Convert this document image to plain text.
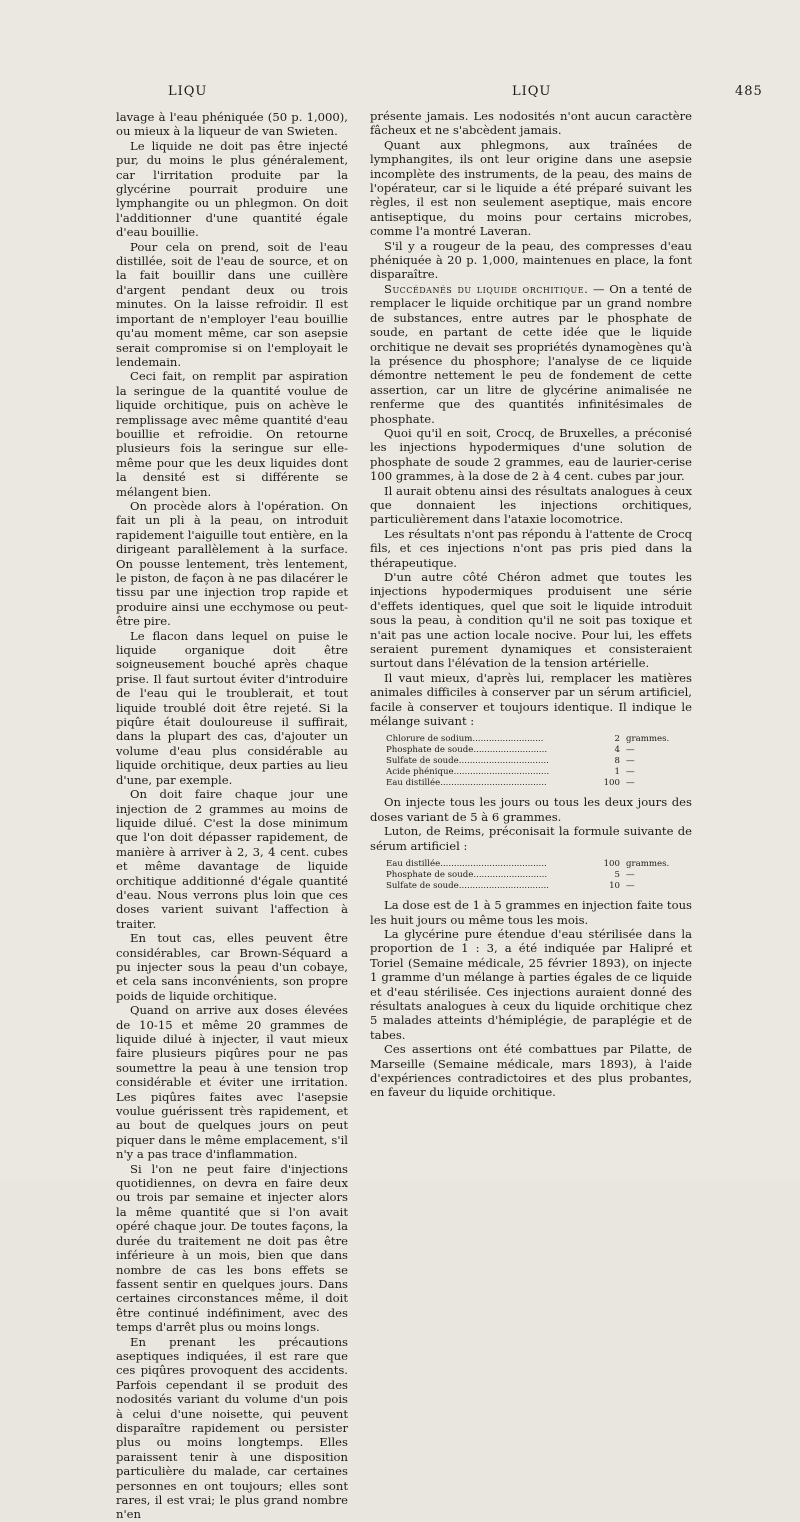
LIQU	LIQU	485

lavage à l'eau phéniquée (50 p. 1,000), ou mieux à la liqueur de van Swieten.

Le liquide ne doit pas être injecté pur, du moins le plus généralement, car l'irritation produite par la glycérine pourrait produire une lymphangite ou un phlegmon. On doit l'additionner d'une quantité égale d'eau bouillie.

Pour cela on prend, soit de l'eau distillée, soit de l'eau de source, et on la fait bouillir dans une cuillère d'argent pendant deux ou trois minutes. On la laisse refroidir. Il est important de n'employer l'eau bouillie qu'au moment même, car son asepsie serait compromise si on l'employait le lendemain.

Ceci fait, on remplit par aspiration la seringue de la quantité voulue de liquide orchitique, puis on achève le remplissage avec même quantité d'eau bouillie et refroidie. On retourne plusieurs fois la seringue sur elle-même pour que les deux liquides dont la densité est si différente se mélangent bien.

On procède alors à l'opération. On fait un pli à la peau, on introduit rapidement l'aiguille tout entière, en la dirigeant parallèlement à la surface. On pousse lentement, très lentement, le piston, de façon à ne pas dilacérer le tissu par une injection trop rapide et produire ainsi une ecchymose ou peut-être pire.

Le flacon dans lequel on puise le liquide organique doit être soigneusement bouché après chaque prise. Il faut surtout éviter d'introduire de l'eau qui le troublerait, et tout liquide troublé doit être rejeté. Si la piqûre était douloureuse il suffirait, dans la plupart des cas, d'ajouter un volume d'eau plus considérable au liquide orchitique, deux parties au lieu d'une, par exemple.

On doit faire chaque jour une injection de 2 grammes au moins de liquide dilué. C'est la dose minimum que l'on doit dépasser rapidement, de manière à arriver à 2, 3, 4 cent. cubes et même davantage de liquide orchitique additionné d'égale quantité d'eau. Nous verrons plus loin que ces doses varient suivant l'affection à traiter.

En tout cas, elles peuvent être considérables, car Brown-Séquard a pu injecter sous la peau d'un cobaye, et cela sans inconvénients, son propre poids de liquide orchitique.

Quand on arrive aux doses élevées de 10-15 et même 20 grammes de liquide dilué à injecter, il vaut mieux faire plusieurs piqûres pour ne pas soumettre la peau à une tension trop considérable et éviter une irritation. Les piqûres faites avec l'asepsie voulue guérissent très rapidement, et au bout de quelques jours on peut piquer dans le même emplacement, s'il n'y a pas trace d'inflammation.

Si l'on ne peut faire d'injections quotidiennes, on devra en faire deux ou trois par semaine et injecter alors la même quantité que si l'on avait opéré chaque jour. De toutes façons, la durée du traitement ne doit pas être inférieure à un mois, bien que dans nombre de cas les bons effets se fassent sentir en quelques jours. Dans certaines circonstances même, il doit être continué indéfiniment, avec des temps d'arrêt plus ou moins longs.

En prenant les précautions aseptiques indiquées, il est rare que ces piqûres provoquent des accidents. Parfois cependant il se produit des nodosités variant du volume d'un pois à celui d'une noisette, qui peuvent disparaître rapidement ou persister plus ou moins longtemps. Elles paraissent tenir à une disposition particulière du malade, car certaines personnes en ont toujours; elles sont rares, il est vrai; le plus grand nombre n'en

présente jamais. Les nodosités n'ont aucun caractère fâcheux et ne s'abcèdent jamais.

Quant aux phlegmons, aux traînées de lymphangites, ils ont leur origine dans une asepsie incomplète des instruments, de la peau, des mains de l'opérateur, car si le liquide a été préparé suivant les règles, il est non seulement aseptique, mais encore antiseptique, du moins pour certains microbes, comme l'a montré Laveran.

S'il y a rougeur de la peau, des compresses d'eau phéniquée à 20 p. 1,000, maintenues en place, la font disparaître.

Succédanés du liquide orchitique. — On a tenté de remplacer le liquide orchitique par un grand nombre de substances, entre autres par le phosphate de soude, en partant de cette idée que le liquide orchitique ne devait ses propriétés dynamogènes qu'à la présence du phosphore; l'analyse de ce liquide démontre nettement le peu de fondement de cette assertion, car un litre de glycérine animalisée ne renferme que des quantités infinitésimales de phosphate.

Quoi qu'il en soit, Crocq, de Bruxelles, a préconisé les injections hypodermiques d'une solution de phosphate de soude 2 grammes, eau de laurier-cerise 100 grammes, à la dose de 2 à 4 cent. cubes par jour.

Il aurait obtenu ainsi des résultats analogues à ceux que donnaient les injections orchitiques, particulièrement dans l'ataxie locomotrice.

Les résultats n'ont pas répondu à l'attente de Crocq fils, et ces injections n'ont pas pris pied dans la thérapeutique.

D'un autre côté Chéron admet que toutes les injections hypodermiques produisent une série d'effets identiques, quel que soit le liquide introduit sous la peau, à condition qu'il ne soit pas toxique et n'ait pas une action locale nocive. Pour lui, les effets seraient purement dynamiques et consisteraient surtout dans l'élévation de la tension artérielle.

Il vaut mieux, d'après lui, remplacer les matières animales difficiles à conserver par un sérum artificiel, facile à conserver et toujours identique. Il indique le mélange suivant :

Chlorure de sodium..........................	2	grammes.
Phosphate de soude...........................	4	—
Sulfate de soude.................................	8	—
Acide phénique...................................	1	—
Eau distillée.......................................	100	—

On injecte tous les jours ou tous les deux jours des doses variant de 5 à 6 grammes.

Luton, de Reims, préconisait la formule suivante de sérum artificiel :

Eau distillée.......................................	100	grammes.
Phosphate de soude...........................	5	—
Sulfate de soude.................................	10	—

La dose est de 1 à 5 grammes en injection faite tous les huit jours ou même tous les mois.

La glycérine pure étendue d'eau stérilisée dans la proportion de 1 : 3, a été indiquée par Halipré et Toriel (Semaine médicale, 25 février 1893), on injecte 1 gramme d'un mélange à parties égales de ce liquide et d'eau stérilisée. Ces injections auraient donné des résultats analogues à ceux du liquide orchitique chez 5 malades atteints d'hémiplégie, de paraplégie et de tabes.

Ces assertions ont été combattues par Pilatte, de Marseille (Semaine médicale, mars 1893), à l'aide d'expériences contradictoires et des plus probantes, en faveur du liquide orchitique.
